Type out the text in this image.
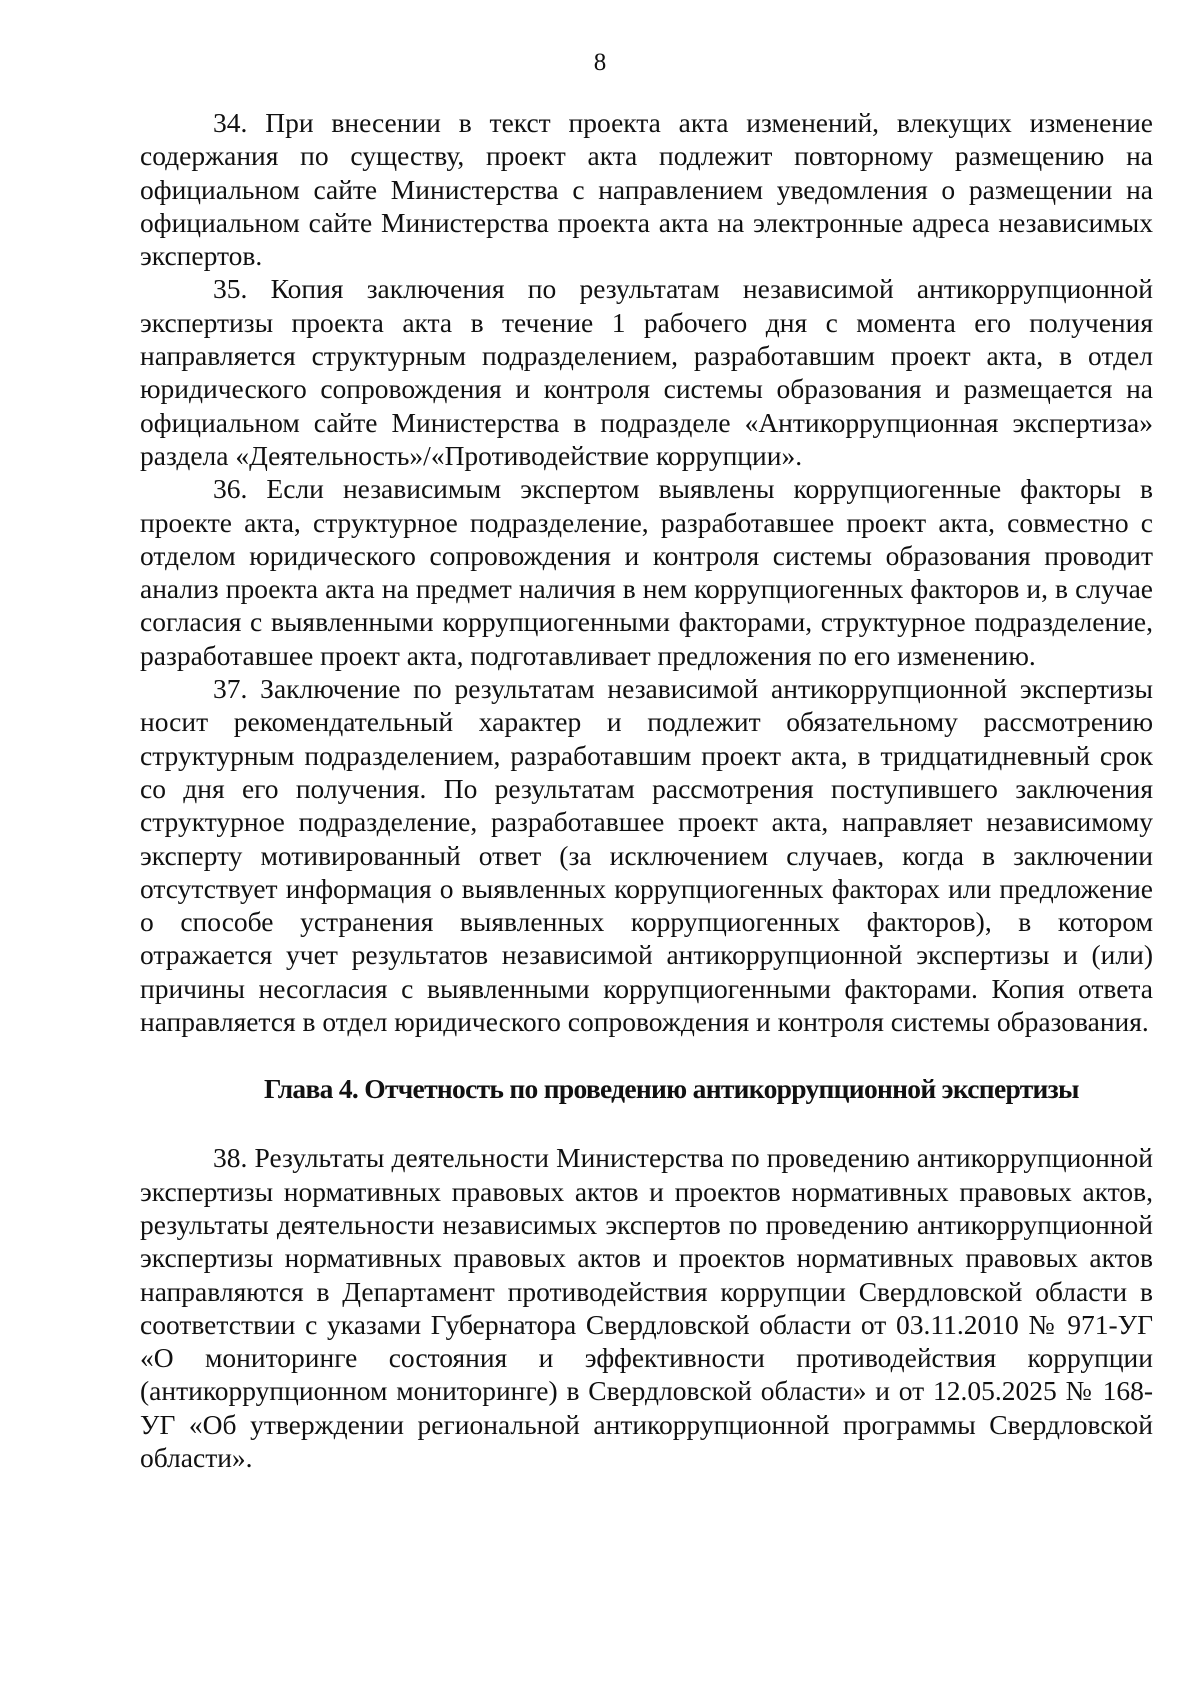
8

34. При внесении в текст проекта акта изменений, влекущих изменение содержания по существу, проект акта подлежит повторному размещению на официальном сайте Министерства с направлением уведомления о размещении на официальном сайте Министерства проекта акта на электронные адреса независимых экспертов.

35. Копия заключения по результатам независимой антикоррупционной экспертизы проекта акта в течение 1 рабочего дня с момента его получения направляется структурным подразделением, разработавшим проект акта, в отдел юридического сопровождения и контроля системы образования и размещается на официальном сайте Министерства в подразделе «Антикоррупционная экспертиза» раздела «Деятельность»/«Противодействие коррупции».

36. Если независимым экспертом выявлены коррупциогенные факторы в проекте акта, структурное подразделение, разработавшее проект акта, совместно с отделом юридического сопровождения и контроля системы образования проводит анализ проекта акта на предмет наличия в нем коррупциогенных факторов и, в случае согласия с выявленными коррупциогенными факторами, структурное подразделение, разработавшее проект акта, подготавливает предложения по его изменению.

37. Заключение по результатам независимой антикоррупционной экспертизы носит рекомендательный характер и подлежит обязательному рассмотрению структурным подразделением, разработавшим проект акта, в тридцатидневный срок со дня его получения. По результатам рассмотрения поступившего заключения структурное подразделение, разработавшее проект акта, направляет независимому эксперту мотивированный ответ (за исключением случаев, когда в заключении отсутствует информация о выявленных коррупциогенных факторах или предложение о способе устранения выявленных коррупциогенных факторов), в котором отражается учет результатов независимой антикоррупционной экспертизы и (или) причины несогласия с выявленными коррупциогенными факторами. Копия ответа направляется в отдел юридического сопровождения и контроля системы образования.

Глава 4. Отчетность по проведению антикоррупционной экспертизы

38. Результаты деятельности Министерства по проведению антикоррупционной экспертизы нормативных правовых актов и проектов нормативных правовых актов, результаты деятельности независимых экспертов по проведению антикоррупционной экспертизы нормативных правовых актов и проектов нормативных правовых актов направляются в Департамент противодействия коррупции Свердловской области в соответствии с указами Губернатора Свердловской области от 03.11.2010 № 971-УГ «О мониторинге состояния и эффективности противодействия коррупции (антикоррупционном мониторинге) в Свердловской области» и от 12.05.2025 № 168-УГ «Об утверждении региональной антикоррупционной программы Свердловской области».
